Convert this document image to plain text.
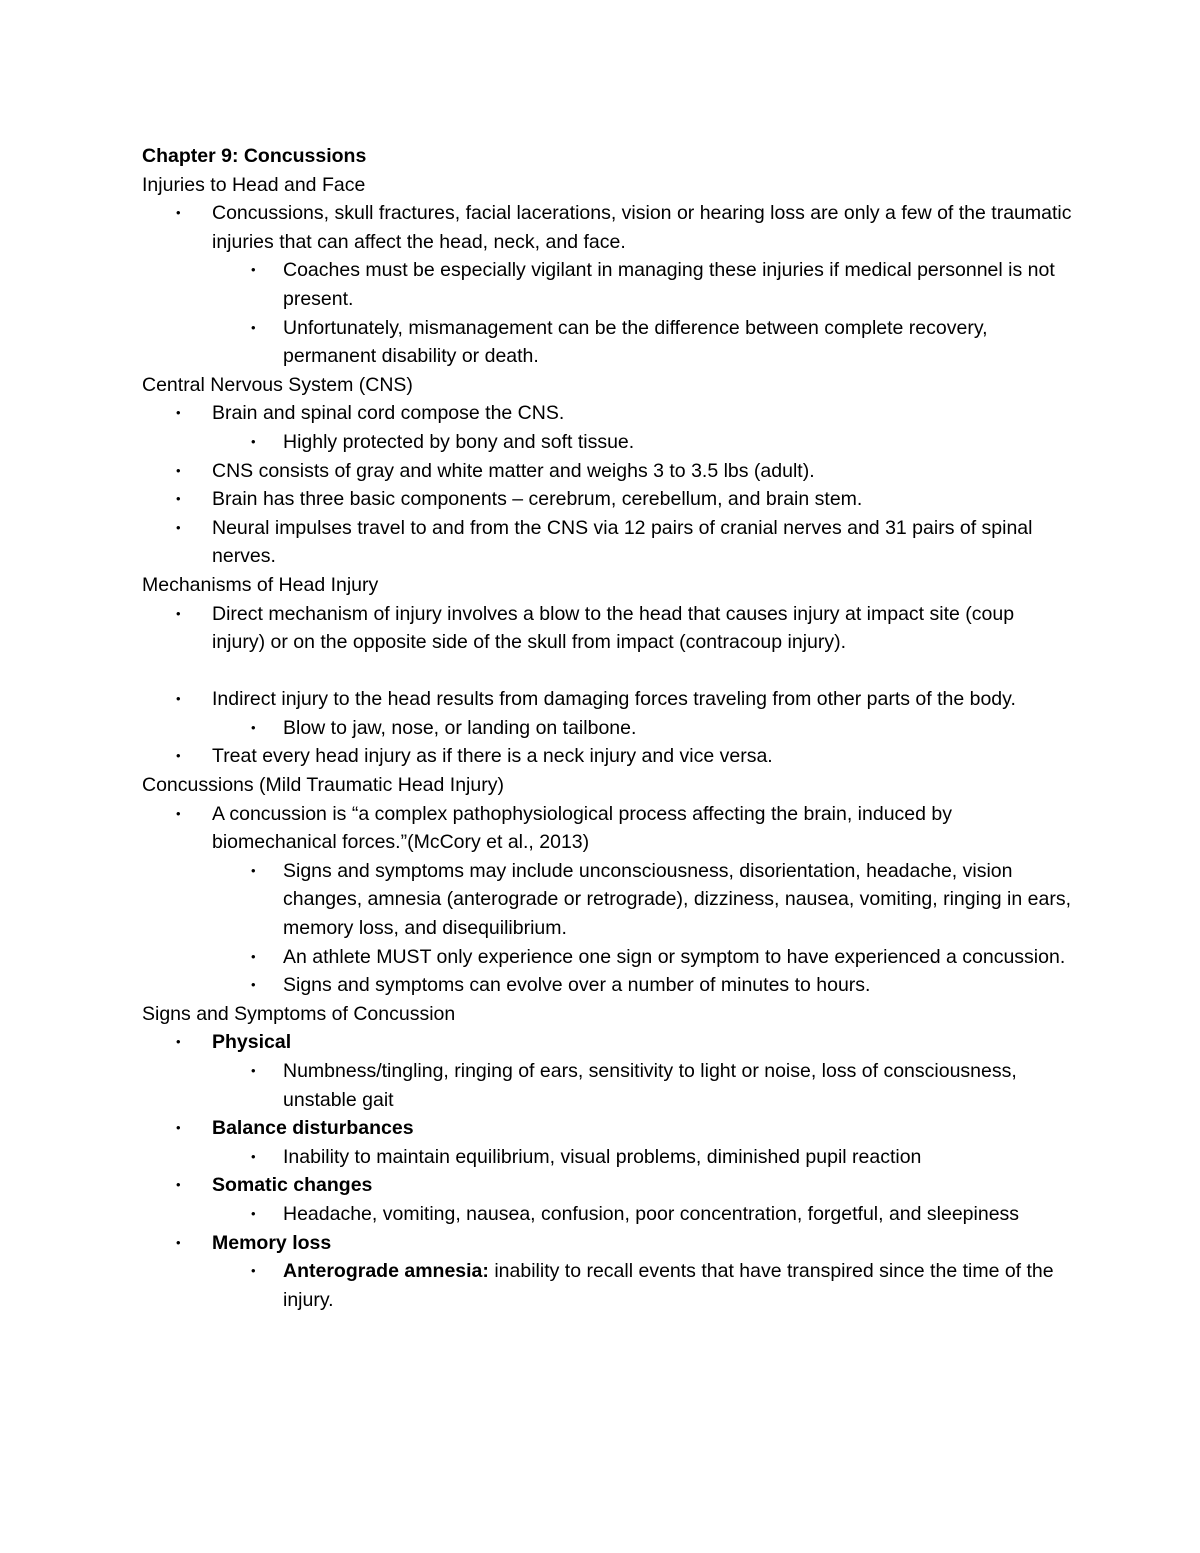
Chapter 9: Concussions

Injuries to Head and Face

• Concussions, skull fractures, facial lacerations, vision or hearing loss are only a few of the traumatic injuries that can affect the head, neck, and face.
• Coaches must be especially vigilant in managing these injuries if medical personnel is not present.
• Unfortunately, mismanagement can be the difference between complete recovery, permanent disability or death.

Central Nervous System (CNS)

• Brain and spinal cord compose the CNS.
• Highly protected by bony and soft tissue.
• CNS consists of gray and white matter and weighs 3 to 3.5 lbs (adult).
• Brain has three basic components – cerebrum, cerebellum, and brain stem.
• Neural impulses travel to and from the CNS via 12 pairs of cranial nerves and 31 pairs of spinal nerves.

Mechanisms of Head Injury

• Direct mechanism of injury involves a blow to the head that causes injury at impact site (coup injury) or on the opposite side of the skull from impact (contracoup injury).
• Indirect injury to the head results from damaging forces traveling from other parts of the body.
• Blow to jaw, nose, or landing on tailbone.
• Treat every head injury as if there is a neck injury and vice versa.

Concussions (Mild Traumatic Head Injury)

• A concussion is “a complex pathophysiological process affecting the brain, induced by biomechanical forces.”(McCory et al., 2013)
• Signs and symptoms may include unconsciousness, disorientation, headache, vision changes, amnesia (anterograde or retrograde), dizziness, nausea, vomiting, ringing in ears, memory loss, and disequilibrium.
• An athlete MUST only experience one sign or symptom to have experienced a concussion.
• Signs and symptoms can evolve over a number of minutes to hours.

Signs and Symptoms of Concussion

• Physical
• Numbness/tingling, ringing of ears, sensitivity to light or noise, loss of consciousness, unstable gait
• Balance disturbances
• Inability to maintain equilibrium, visual problems, diminished pupil reaction
• Somatic changes
• Headache, vomiting, nausea, confusion, poor concentration, forgetful, and sleepiness
• Memory loss
• Anterograde amnesia: inability to recall events that have transpired since the time of the injury.
